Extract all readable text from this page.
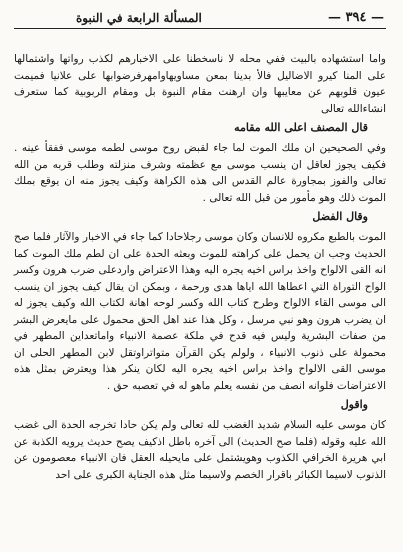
— ٣٩٤ —
المسألة الرابعة في النبوة

واما استشهاده بالبيت ففي محله لا ناسخطنا على الاخبارهم لكذب رواتها واشتمالها على المنا كيرو الاضاليل فالأ بدينا بمعن مساويهاوامهرفرضوابها على علانيا فميمت عيون قلوبهم عن معايبها وان ارهنت مقام النبوة بل ومقام الربوبية كما ستعرف انشاءالله تعالى

قال المصنف اعلى الله مقامه

وفي الصحيحين ان ملك الموت لما جاء لقبض روح موسى لطمه موسى ففقأ عينه . فكيف يجوز لعاقل ان ينسب موسى مع عظمته وشرف منزلته وطلب قربه من الله تعالى والفوز بمجاورة عالم القدس الى هذه الكراهة وكيف يجوز منه ان يوقع بملك الموت ذلك وهو مأمور من قبل الله تعالى .

وقال الفضل

الموت بالطبع مكروه للانسان وكان موسى رجلاحادا كما جاء في الاخبار والآثار فلما صح الحديث وجب ان يحمل على كراهته للموت وبعثه الحدة على ان لطم ملك الموت كما انه القى الالواح واخذ براس اخيه يجره اليه وهذا الاعتراض واردعلى ضرب هرون وكسر الواح التوراة التي اعطاها الله اياها هدى ورحمة ، وبمكن ان يقال كيف يجوز ان ينسب الى موسى القاء الالواح وطرح كتاب الله وكسر لوحه اهانة لكتاب الله وكيف يجوز له ان يضرب هرون وهو نبي مرسل ، وكل هذا عند اهل الحق محمول على مايعرض البشر من صفات البشرية وليس فيه قدح في ملكة عصمة الانبياء واماتعداين المطهر في محمولة على ذنوب الانبياء ، ولولم يكن القرآن متواتراوتقل لابن المطهر الحلى ان موسى القى الالواح واخذ براس اخيه يجره اليه لكان ينكر هذا ويعترض بمثل هذه الاعتراضات فلوانه انصف من نفسه يعلم ماهو له في تعصبه حق .

واقول

كان موسى عليه السلام شديد الغضب لله تعالى ولم يكن حادا تخرجه الحدة الى غضب الله عليه وقوله (فلما صح الحديث) الى آخره باطل اذكيف يصح حديث يرويه الكذبة عن ابي هريرة الخرافي الكذوب وهويشتمل على مايحيله العقل فان الانبياء معصومون عن الذنوب لاسيما الكبائر باقرار الخصم ولاسيما مثل هذه الجناية الكبرى على احد
